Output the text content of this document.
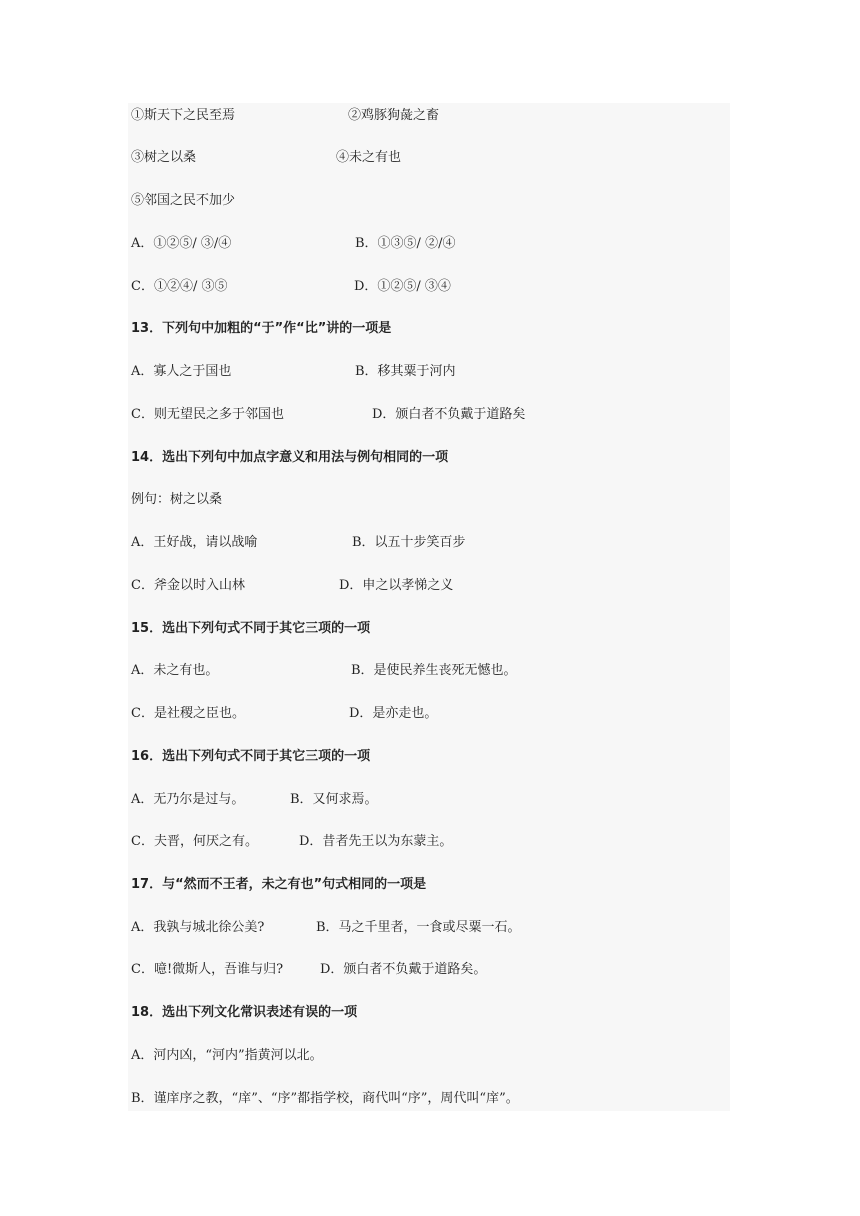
①斯天下之民至焉	②鸡豚狗彘之畜
③树之以桑	④未之有也
⑤邻国之民不加少
A．①②⑤/ ③/④	B．①③⑤/ ②/④
C．①②④/ ③⑤	D．①②⑤/ ③④
13．下列句中加粗的“于”作“比”讲的一项是
A．寡人之于国也	B．移其粟于河内
C．则无望民之多于邻国也	D．颁白者不负戴于道路矣
14．选出下列句中加点字意义和用法与例句相同的一项
例句：树之以桑
A．王好战，请以战喻	B．以五十步笑百步
C．斧金以时入山林	D．申之以孝悌之义
15．选出下列句式不同于其它三项的一项
A．未之有也。	B．是使民养生丧死无憾也。
C．是社稷之臣也。	D．是亦走也。
16．选出下列句式不同于其它三项的一项
A．无乃尔是过与。	B．又何求焉。
C．夫晋，何厌之有。	D．昔者先王以为东蒙主。
17．与“然而不王者，未之有也”句式相同的一项是
A．我孰与城北徐公美?	B．马之千里者，一食或尽粟一石。
C．噫!微斯人，吾谁与归?	D．颁白者不负戴于道路矣。
18．选出下列文化常识表述有误的一项
A．河内凶，“河内”指黄河以北。
B．谨庠序之教，“庠”、“序”都指学校，商代叫“序”，周代叫“庠”。
